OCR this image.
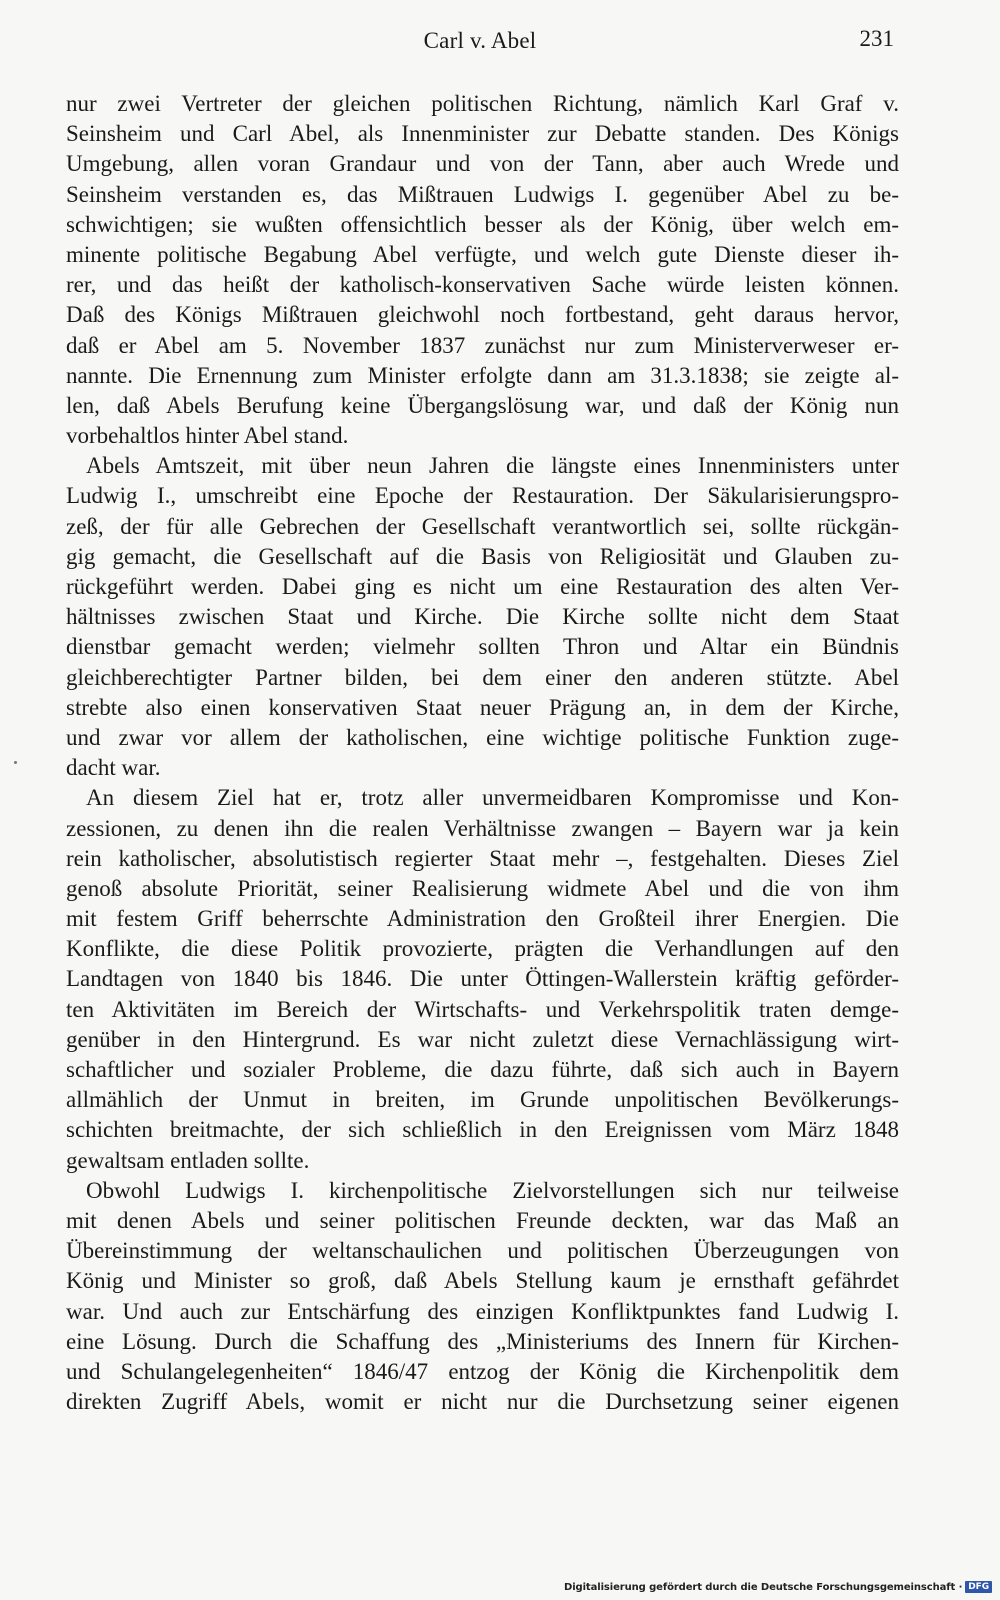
Carl v. Abel	231
nur zwei Vertreter der gleichen politischen Richtung, nämlich Karl Graf v.
Seinsheim und Carl Abel, als Innenminister zur Debatte standen. Des Königs
Umgebung, allen voran Grandaur und von der Tann, aber auch Wrede und
Seinsheim verstanden es, das Mißtrauen Ludwigs I. gegenüber Abel zu be-
schwichtigen; sie wußten offensichtlich besser als der König, über welch em-
minente politische Begabung Abel verfügte, und welch gute Dienste dieser ih-
rer, und das heißt der katholisch-konservativen Sache würde leisten können.
Daß des Königs Mißtrauen gleichwohl noch fortbestand, geht daraus hervor,
daß er Abel am 5. November 1837 zunächst nur zum Ministerverweser er-
nannte. Die Ernennung zum Minister erfolgte dann am 31.3.1838; sie zeigte al-
len, daß Abels Berufung keine Übergangslösung war, und daß der König nun
vorbehaltlos hinter Abel stand.
Abels Amtszeit, mit über neun Jahren die längste eines Innenministers unter
Ludwig I., umschreibt eine Epoche der Restauration. Der Säkularisierungspro-
zeß, der für alle Gebrechen der Gesellschaft verantwortlich sei, sollte rückgän-
gig gemacht, die Gesellschaft auf die Basis von Religiosität und Glauben zu-
rückgeführt werden. Dabei ging es nicht um eine Restauration des alten Ver-
hältnisses zwischen Staat und Kirche. Die Kirche sollte nicht dem Staat
dienstbar gemacht werden; vielmehr sollten Thron und Altar ein Bündnis
gleichberechtigter Partner bilden, bei dem einer den anderen stützte. Abel
strebte also einen konservativen Staat neuer Prägung an, in dem der Kirche,
und zwar vor allem der katholischen, eine wichtige politische Funktion zuge-
dacht war.
An diesem Ziel hat er, trotz aller unvermeidbaren Kompromisse und Kon-
zessionen, zu denen ihn die realen Verhältnisse zwangen – Bayern war ja kein
rein katholischer, absolutistisch regierter Staat mehr –, festgehalten. Dieses Ziel
genoß absolute Priorität, seiner Realisierung widmete Abel und die von ihm
mit festem Griff beherrschte Administration den Großteil ihrer Energien. Die
Konflikte, die diese Politik provozierte, prägten die Verhandlungen auf den
Landtagen von 1840 bis 1846. Die unter Öttingen-Wallerstein kräftig geförder-
ten Aktivitäten im Bereich der Wirtschafts- und Verkehrspolitik traten demge-
genüber in den Hintergrund. Es war nicht zuletzt diese Vernachlässigung wirt-
schaftlicher und sozialer Probleme, die dazu führte, daß sich auch in Bayern
allmählich der Unmut in breiten, im Grunde unpolitischen Bevölkerungs-
schichten breitmachte, der sich schließlich in den Ereignissen vom März 1848
gewaltsam entladen sollte.
Obwohl Ludwigs I. kirchenpolitische Zielvorstellungen sich nur teilweise
mit denen Abels und seiner politischen Freunde deckten, war das Maß an
Übereinstimmung der weltanschaulichen und politischen Überzeugungen von
König und Minister so groß, daß Abels Stellung kaum je ernsthaft gefährdet
war. Und auch zur Entschärfung des einzigen Konfliktpunktes fand Ludwig I.
eine Lösung. Durch die Schaffung des „Ministeriums des Innern für Kirchen-
und Schulangelegenheiten“ 1846/47 entzog der König die Kirchenpolitik dem
direkten Zugriff Abels, womit er nicht nur die Durchsetzung seiner eigenen
Digitalisierung gefördert durch die Deutsche Forschungsgemeinschaft · DFG
